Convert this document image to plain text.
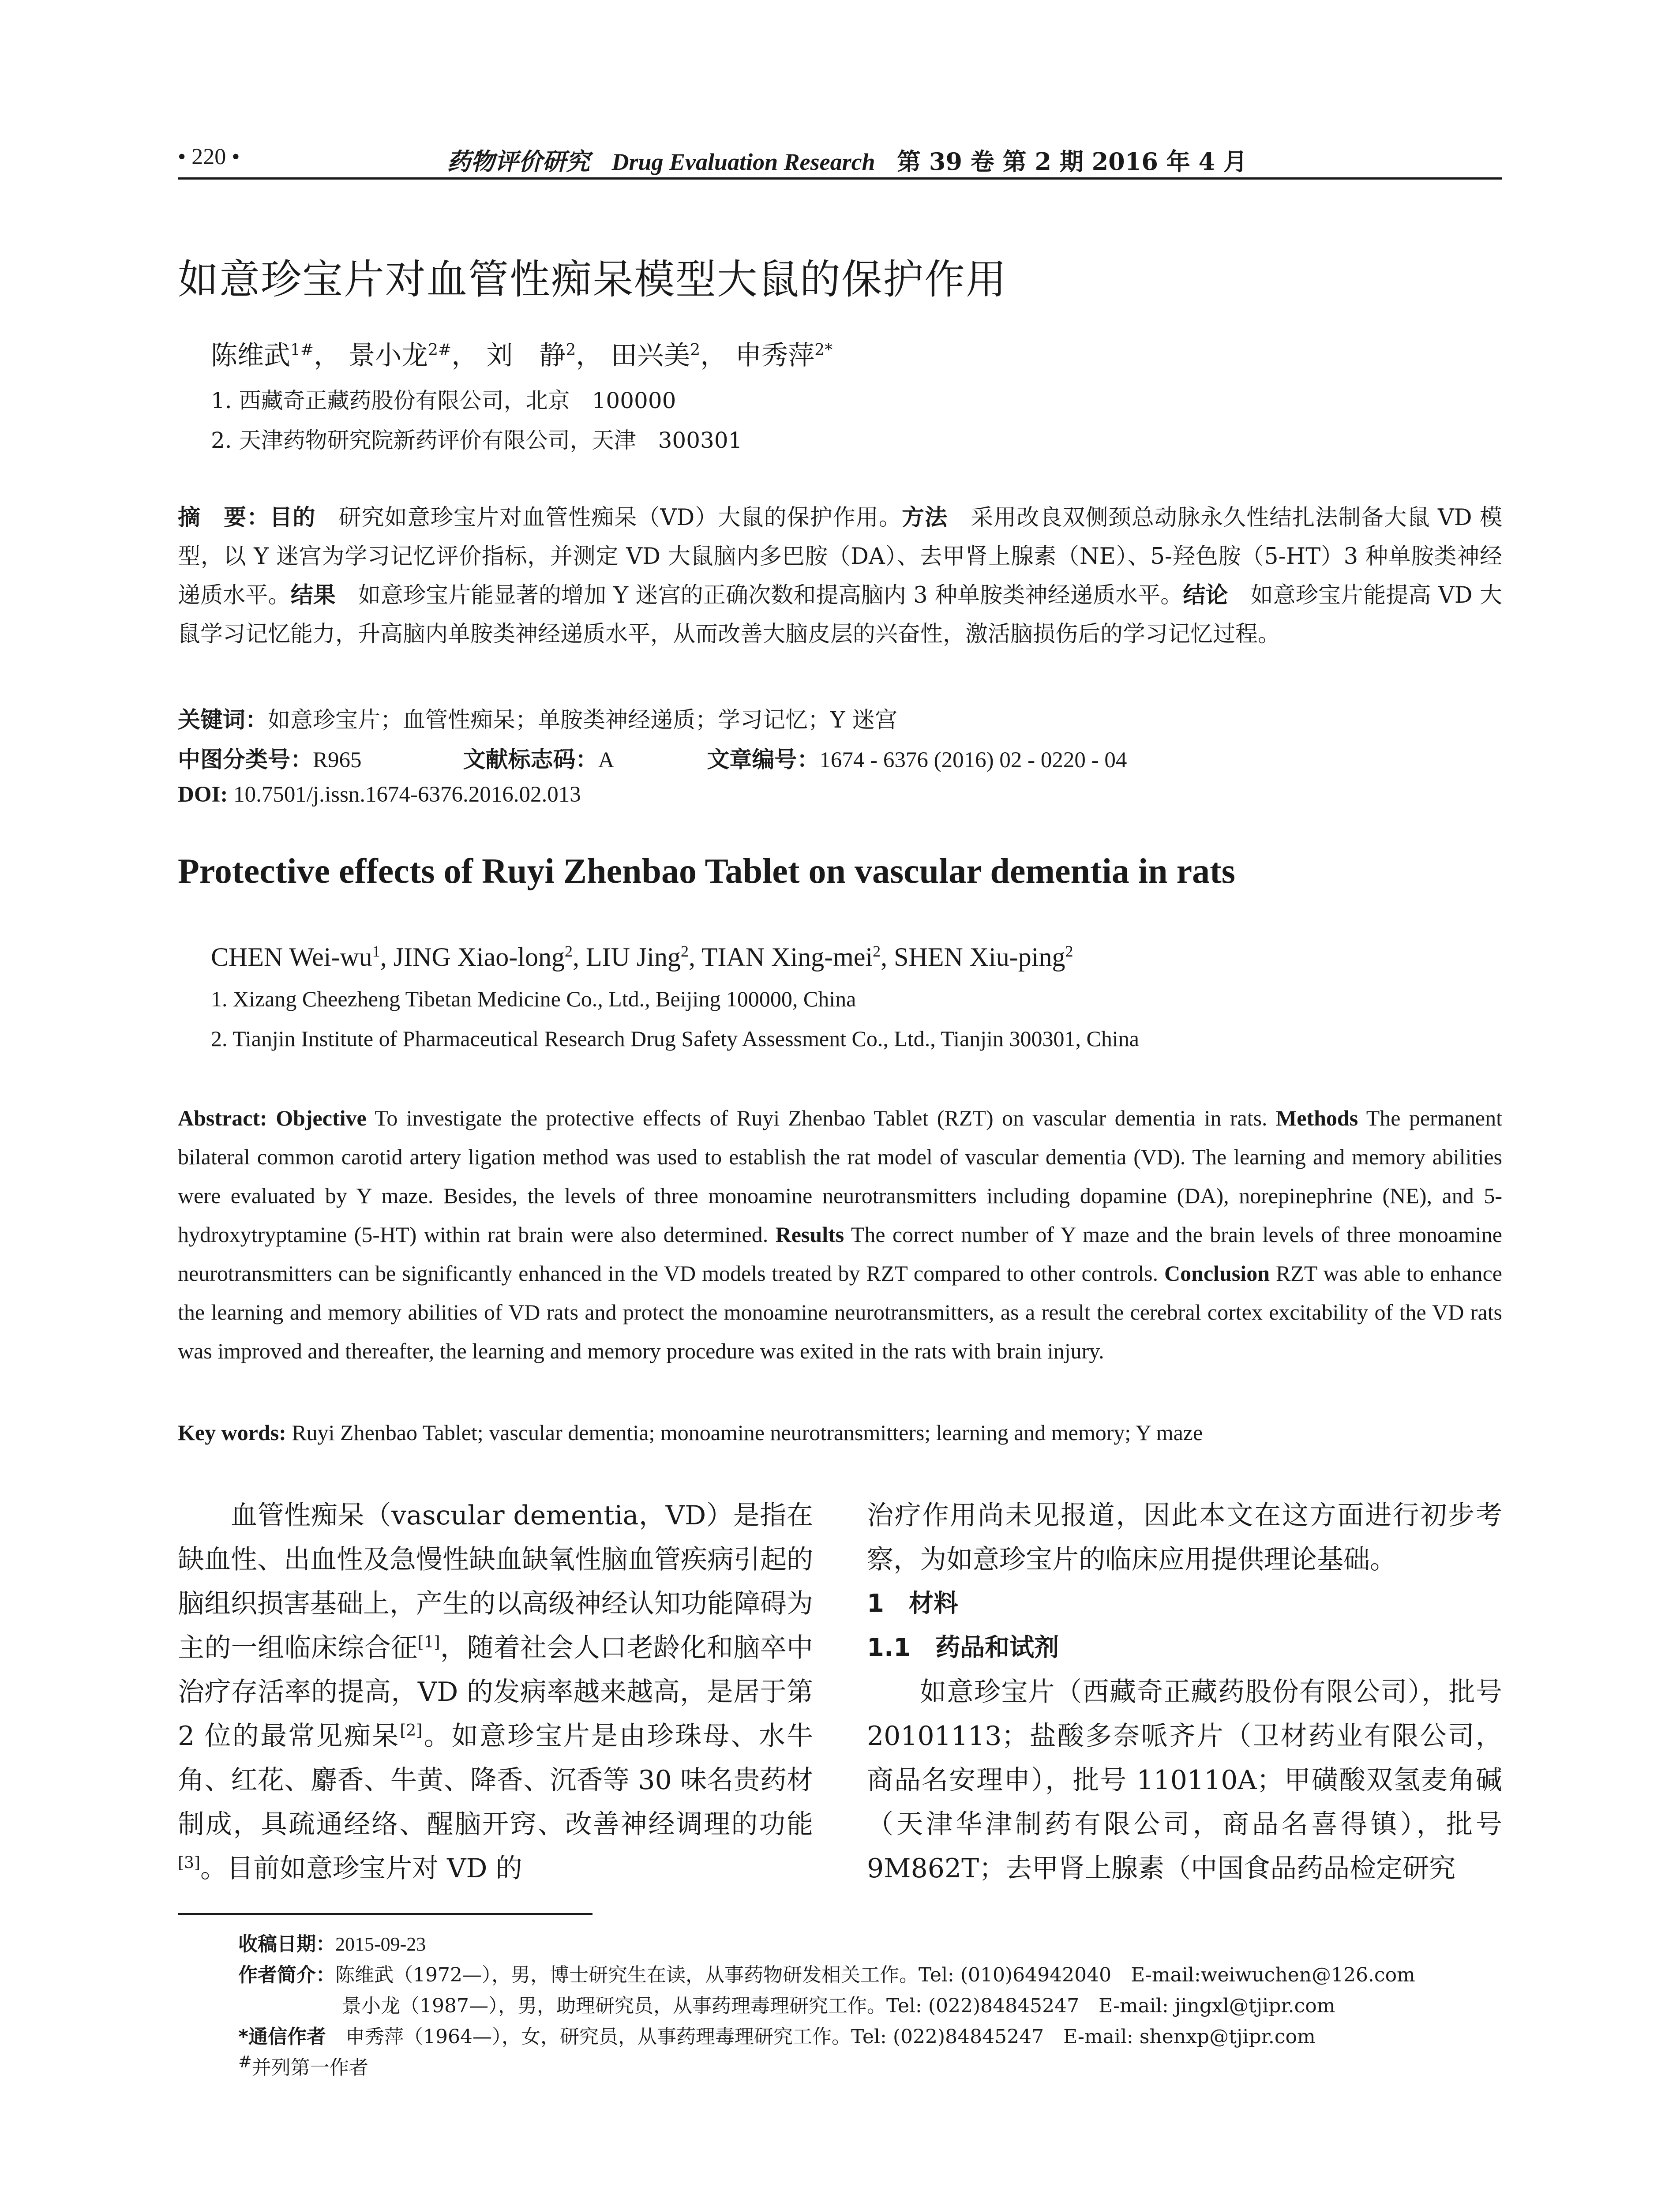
• 220 •	药物评价研究 Drug Evaluation Research 第 39 卷 第 2 期 2016 年 4 月
如意珍宝片对血管性痴呆模型大鼠的保护作用
陈维武$^{1\#}$， 景小龙$^{2\#}$， 刘　静$^2$， 田兴美$^2$， 申秀萍$^{2*}$
1. 西藏奇正藏药股份有限公司，北京　100000
2. 天津药物研究院新药评价有限公司，天津　300301

摘　要：目的　研究如意珍宝片对血管性痴呆（VD）大鼠的保护作用。方法　采用改良双侧颈总动脉永久性结扎法制备大鼠 VD 模型，以 Y 迷宫为学习记忆评价指标，并测定 VD 大鼠脑内多巴胺（DA）、去甲肾上腺素（NE）、5-羟色胺（5-HT）3 种单胺类神经递质水平。结果　如意珍宝片能显著的增加 Y 迷宫的正确次数和提高脑内 3 种单胺类神经递质水平。结论　如意珍宝片能提高 VD 大鼠学习记忆能力，升高脑内单胺类神经递质水平，从而改善大脑皮层的兴奋性，激活脑损伤后的学习记忆过程。

关键词：如意珍宝片；血管性痴呆；单胺类神经递质；学习记忆；Y 迷宫
中图分类号：R965	文献标志码：A	文章编号：1674 - 6376 (2016) 02 - 0220 - 04
DOI: 10.7501/j.issn.1674-6376.2016.02.013
Protective effects of Ruyi Zhenbao Tablet on vascular dementia in rats
CHEN Wei-$wu^1$, JING Xiao-long$^2$, LIU Jing$^2$, TIAN Xing-mei$^2$, SHEN Xiu-ping$^2$
1. Xizang Cheezheng Tibetan Medicine Co., Ltd., Beijing 100000, China
2. Tianjin Institute of Pharmaceutical Research Drug Safety Assessment Co., Ltd., Tianjin 300301, China

Abstract: Objective To investigate the protective effects of Ruyi Zhenbao Tablet (RZT) on vascular dementia in rats. Methods The permanent bilateral common carotid artery ligation method was used to establish the rat model of vascular dementia (VD). The learning and memory abilities were evaluated by Y maze. Besides, the levels of three monoamine neurotransmitters including dopamine (DA), norepinephrine (NE), and 5-hydroxytryptamine (5-HT) within rat brain were also determined. Results The correct number of Y maze and the brain levels of three monoamine neurotransmitters can be significantly enhanced in the VD models treated by RZT compared to other controls. Conclusion RZT was able to enhance the learning and memory abilities of VD rats and protect the monoamine neurotransmitters, as a result the cerebral cortex excitability of the VD rats was improved and thereafter, the learning and memory procedure was exited in the rats with brain injury.

Key words: Ruyi Zhenbao Tablet; vascular dementia; monoamine neurotransmitters; learning and memory; Y maze

血管性痴呆（vascular dementia，VD）是指在缺血性、出血性及急慢性缺血缺氧性脑血管疾病引起的脑组织损害基础上，产生的以高级神经认知功能障碍为主的一组临床综合征[1]，随着社会人口老龄化和脑卒中治疗存活率的提高，VD 的发病率越来越高，是居于第 2 位的最常见痴呆[2]。如意珍宝片是由珍珠母、水牛角、红花、麝香、牛黄、降香、沉香等 30 味名贵药材制成，具疏通经络、醒脑开窍、改善神经调理的功能[3]。目前如意珍宝片对 VD 的

治疗作用尚未见报道，因此本文在这方面进行初步考察，为如意珍宝片的临床应用提供理论基础。

1　材料

1.1　药品和试剂

如意珍宝片（西藏奇正藏药股份有限公司），批号 20101113；盐酸多奈哌齐片（卫材药业有限公司，商品名安理申），批号 110110A；甲磺酸双氢麦角碱（天津华津制药有限公司，商品名喜得镇），批号 9M862T；去甲肾上腺素（中国食品药品检定研究

收稿日期：2015-09-23
作者简介：陈维武（1972—），男，博士研究生在读，从事药物研发相关工作。Tel: (010)64942040　E-mail:weiwuchen@126.com
景小龙（1987—），男，助理研究员，从事药理毒理研究工作。Tel: (022)84845247　E-mail: jingxl@tjipr.com
*通信作者　申秀萍（1964—），女，研究员，从事药理毒理研究工作。Tel: (022)84845247　E-mail: shenxp@tjipr.com
#并列第一作者
